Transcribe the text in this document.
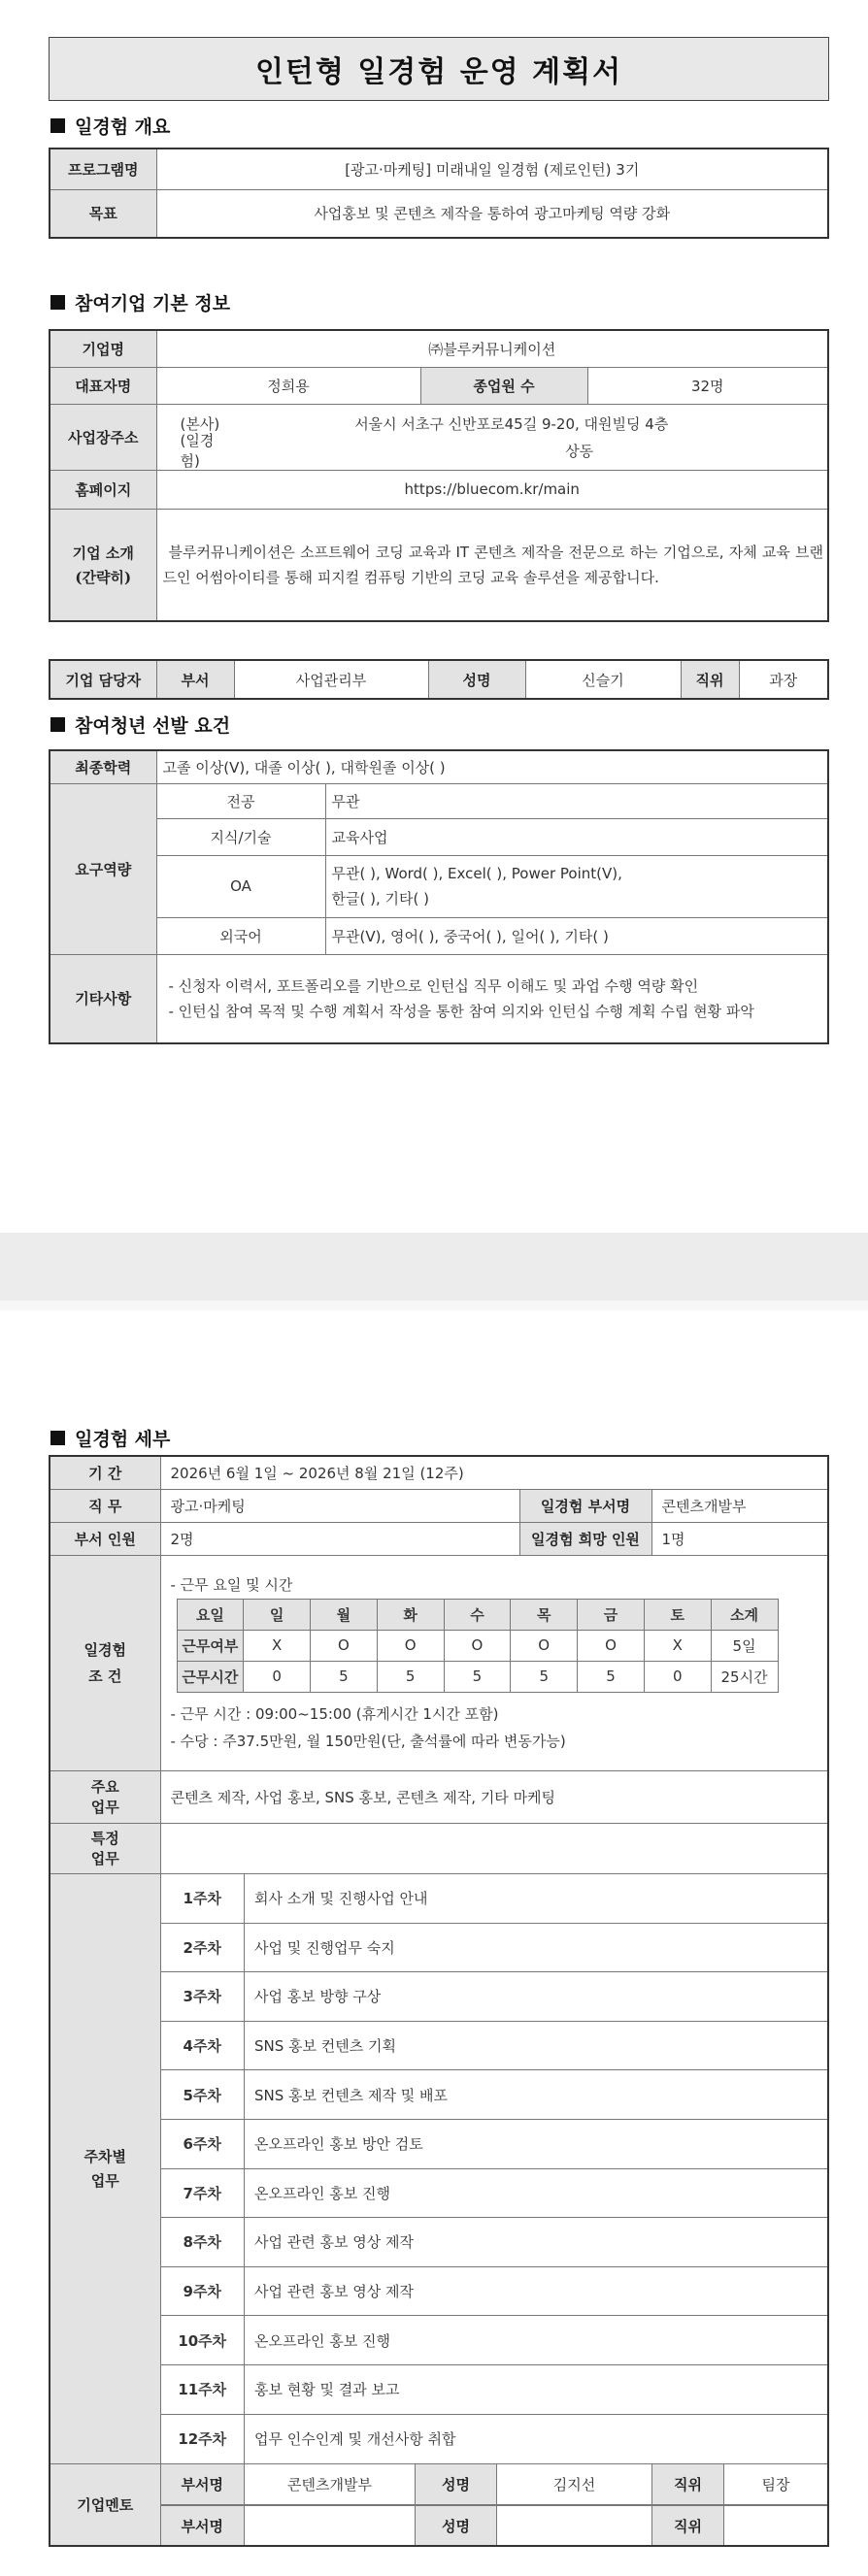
인턴형 일경험 운영 계획서
일경험 개요
프로그램명	[광고·마케팅] 미래내일 일경험 (제로인턴) 3기
목표	사업홍보 및 콘텐츠 제작을 통하여 광고마케팅 역량 강화
참여기업 기본 정보
기업명	㈜블루커뮤니케이션		
대표자명	정희용	종업원 수	32명
사업장주소	(본사) 서울시 서초구 신반포로45길 9-20, 대원빌딩 4층
(일경험)
상동		

홈페이지	https://bluecom.kr/main		

기업 소개
(간략히)	블루커뮤니케이션은 소프트웨어 코딩 교육과 IT 콘텐츠 제작을 전문으로 하는 기업으로, 자체 교육 브랜드인 어썸아이티를 통해 피지컬 컴퓨팅 기반의 코딩 교육 솔루션을 제공합니다.		
기업 담당자	부서	사업관리부	성명	신슬기	직위	과장
참여청년 선발 요건
최종학력	고졸 이상(V), 대졸 이상( ), 대학원졸 이상( )	
요구역량	전공	무관
	지식/기술	교육사업
	OA	무관( ), Word( ), Excel( ), Power Point(V),
한글( ), 기타( )

	외국어	무관(V), 영어( ), 중국어( ), 일어( ), 기타( )
기타사항	- 신청자 이력서, 포트폴리오를 기반으로 인턴십 직무 이해도 및 과업 수행 역량 확인
- 인턴십 참여 목적 및 수행 계획서 작성을 통한 참여 의지와 인턴십 수행 계획 수립 현황 파악	
일경험 세부
기 간	2026년 6월 1일 ~ 2026년 8월 21일 (12주)
직 무	광고·마케팅	일경험 부서명	콘텐츠개발부
부서 인원	2명	일경험 희망 인원	1명

일경험
조 건

- 근무 요일 및 시간
요일	일	월	화	수	목	금	토	소계
근무여부	X	O	O	O	O	O	X	5일
근무시간	0	5	5	5	5	5	0	25시간
- 근무 시간 : 09:00~15:00 (휴게시간 1시간 포함)
- 수당 : 주37.5만원, 월 150만원(단, 출석률에 따라 변동가능)

주요
업무
	콘텐츠 제작, 사업 홍보, SNS 홍보, 콘텐츠 제작, 기타 마케팅

특정
업무

주차별
업무

1주차	회사 소개 및 진행사업 안내
2주차	사업 및 진행업무 숙지
3주차	사업 홍보 방향 구상
4주차	SNS 홍보 컨텐츠 기획
5주차	SNS 홍보 컨텐츠 제작 및 배포
6주차	온오프라인 홍보 방안 검토
7주차	온오프라인 홍보 진행
8주차	사업 관련 홍보 영상 제작
9주차	사업 관련 홍보 영상 제작
10주차	온오프라인 홍보 진행
11주차	홍보 현황 및 결과 보고
12주차	업무 인수인계 및 개선사항 취합

기업멘토	
부서명	콘텐츠개발부	성명	김지선	직위	팀장

부서명		성명		직위	
